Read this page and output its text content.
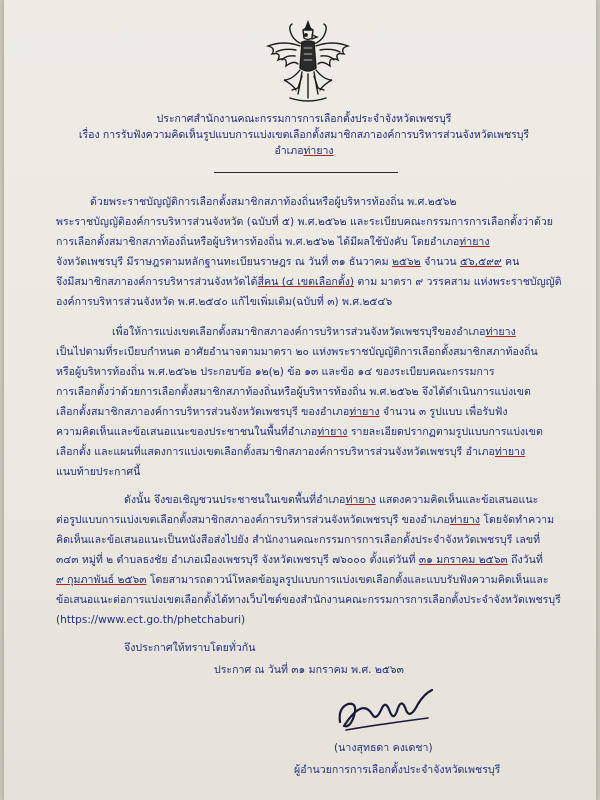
ประกาศสำนักงานคณะกรรมการการเลือกตั้งประจำจังหวัดเพชรบุรี
เรื่อง การรับฟังความคิดเห็นรูปแบบการแบ่งเขตเลือกตั้งสมาชิกสภาองค์การบริหารส่วนจังหวัดเพชรบุรี
อำเภอท่ายาง
ด้วยพระราชบัญญัติการเลือกตั้งสมาชิกสภาท้องถิ่นหรือผู้บริหารท้องถิ่น พ.ศ.๒๕๖๒
พระราชบัญญัติองค์การบริหารส่วนจังหวัด (ฉบับที่ ๕) พ.ศ.๒๕๖๒ และระเบียบคณะกรรมการการเลือกตั้งว่าด้วย
การเลือกตั้งสมาชิกสภาท้องถิ่นหรือผู้บริหารท้องถิ่น พ.ศ.๒๕๖๒ ได้มีผลใช้บังคับ โดยอำเภอท่ายาง
จังหวัดเพชรบุรี มีราษฎรตามหลักฐานทะเบียนราษฎร ณ วันที่ ๓๑ ธันวาคม ๒๕๖๒ จำนวน ๕๖,๕๙๙ คน
จึงมีสมาชิกสภาองค์การบริหารส่วนจังหวัดได้สี่คน (๔ เขตเลือกตั้ง) ตาม มาตรา ๙ วรรคสาม แห่งพระราชบัญญัติ
องค์การบริหารส่วนจังหวัด พ.ศ.๒๕๔๐ แก้ไขเพิ่มเติม(ฉบับที่ ๓) พ.ศ.๒๕๔๖
เพื่อให้การแบ่งเขตเลือกตั้งสมาชิกสภาองค์การบริหารส่วนจังหวัดเพชรบุรีของอำเภอท่ายาง
เป็นไปตามที่ระเบียบกำหนด อาศัยอำนาจตามมาตรา ๒๐ แห่งพระราชบัญญัติการเลือกตั้งสมาชิกสภาท้องถิ่น
หรือผู้บริหารท้องถิ่น พ.ศ.๒๕๖๒ ประกอบข้อ ๑๒(๒) ข้อ ๑๓ และข้อ ๑๔ ของระเบียบคณะกรรมการ
การเลือกตั้งว่าด้วยการเลือกตั้งสมาชิกสภาท้องถิ่นหรือผู้บริหารท้องถิ่น พ.ศ.๒๕๖๒ จึงได้ดำเนินการแบ่งเขต
เลือกตั้งสมาชิกสภาองค์การบริหารส่วนจังหวัดเพชรบุรี ของอำเภอท่ายาง จำนวน ๓ รูปแบบ เพื่อรับฟัง
ความคิดเห็นและข้อเสนอแนะของประชาชนในพื้นที่อำเภอท่ายาง รายละเอียดปรากฏตามรูปแบบการแบ่งเขต
เลือกตั้ง และแผนที่แสดงการแบ่งเขตเลือกตั้งสมาชิกสภาองค์การบริหารส่วนจังหวัดเพชรบุรี อำเภอท่ายาง
แนบท้ายประกาศนี้
ดังนั้น จึงขอเชิญชวนประชาชนในเขตพื้นที่อำเภอท่ายาง แสดงความคิดเห็นและข้อเสนอแนะ
ต่อรูปแบบการแบ่งเขตเลือกตั้งสมาชิกสภาองค์การบริหารส่วนจังหวัดเพชรบุรี ของอำเภอท่ายาง โดยจัดทำความ
คิดเห็นและข้อเสนอแนะเป็นหนังสือส่งไปยัง สำนักงานคณะกรรมการการเลือกตั้งประจำจังหวัดเพชรบุรี เลขที่
๓๔๓ หมู่ที่ ๒ ตำบลธงชัย อำเภอเมืองเพชรบุรี จังหวัดเพชรบุรี ๗๖๐๐๐ ตั้งแต่วันที่ ๓๑ มกราคม ๒๕๖๓ ถึงวันที่
๙ กุมภาพันธ์ ๒๕๖๓ โดยสามารถดาวน์โหลดข้อมูลรูปแบบการแบ่งเขตเลือกตั้งและแบบรับฟังความคิดเห็นและ
ข้อเสนอแนะต่อการแบ่งเขตเลือกตั้งได้ทางเว็บไซต์ของสำนักงานคณะกรรมการการเลือกตั้งประจำจังหวัดเพชรบุรี
(https://www.ect.go.th/phetchaburi)
จึงประกาศให้ทราบโดยทั่วกัน
ประกาศ ณ วันที่ ๓๑ มกราคม พ.ศ. ๒๕๖๓
(นางสุทธดา คงเดชา)
ผู้อำนวยการการเลือกตั้งประจำจังหวัดเพชรบุรี
